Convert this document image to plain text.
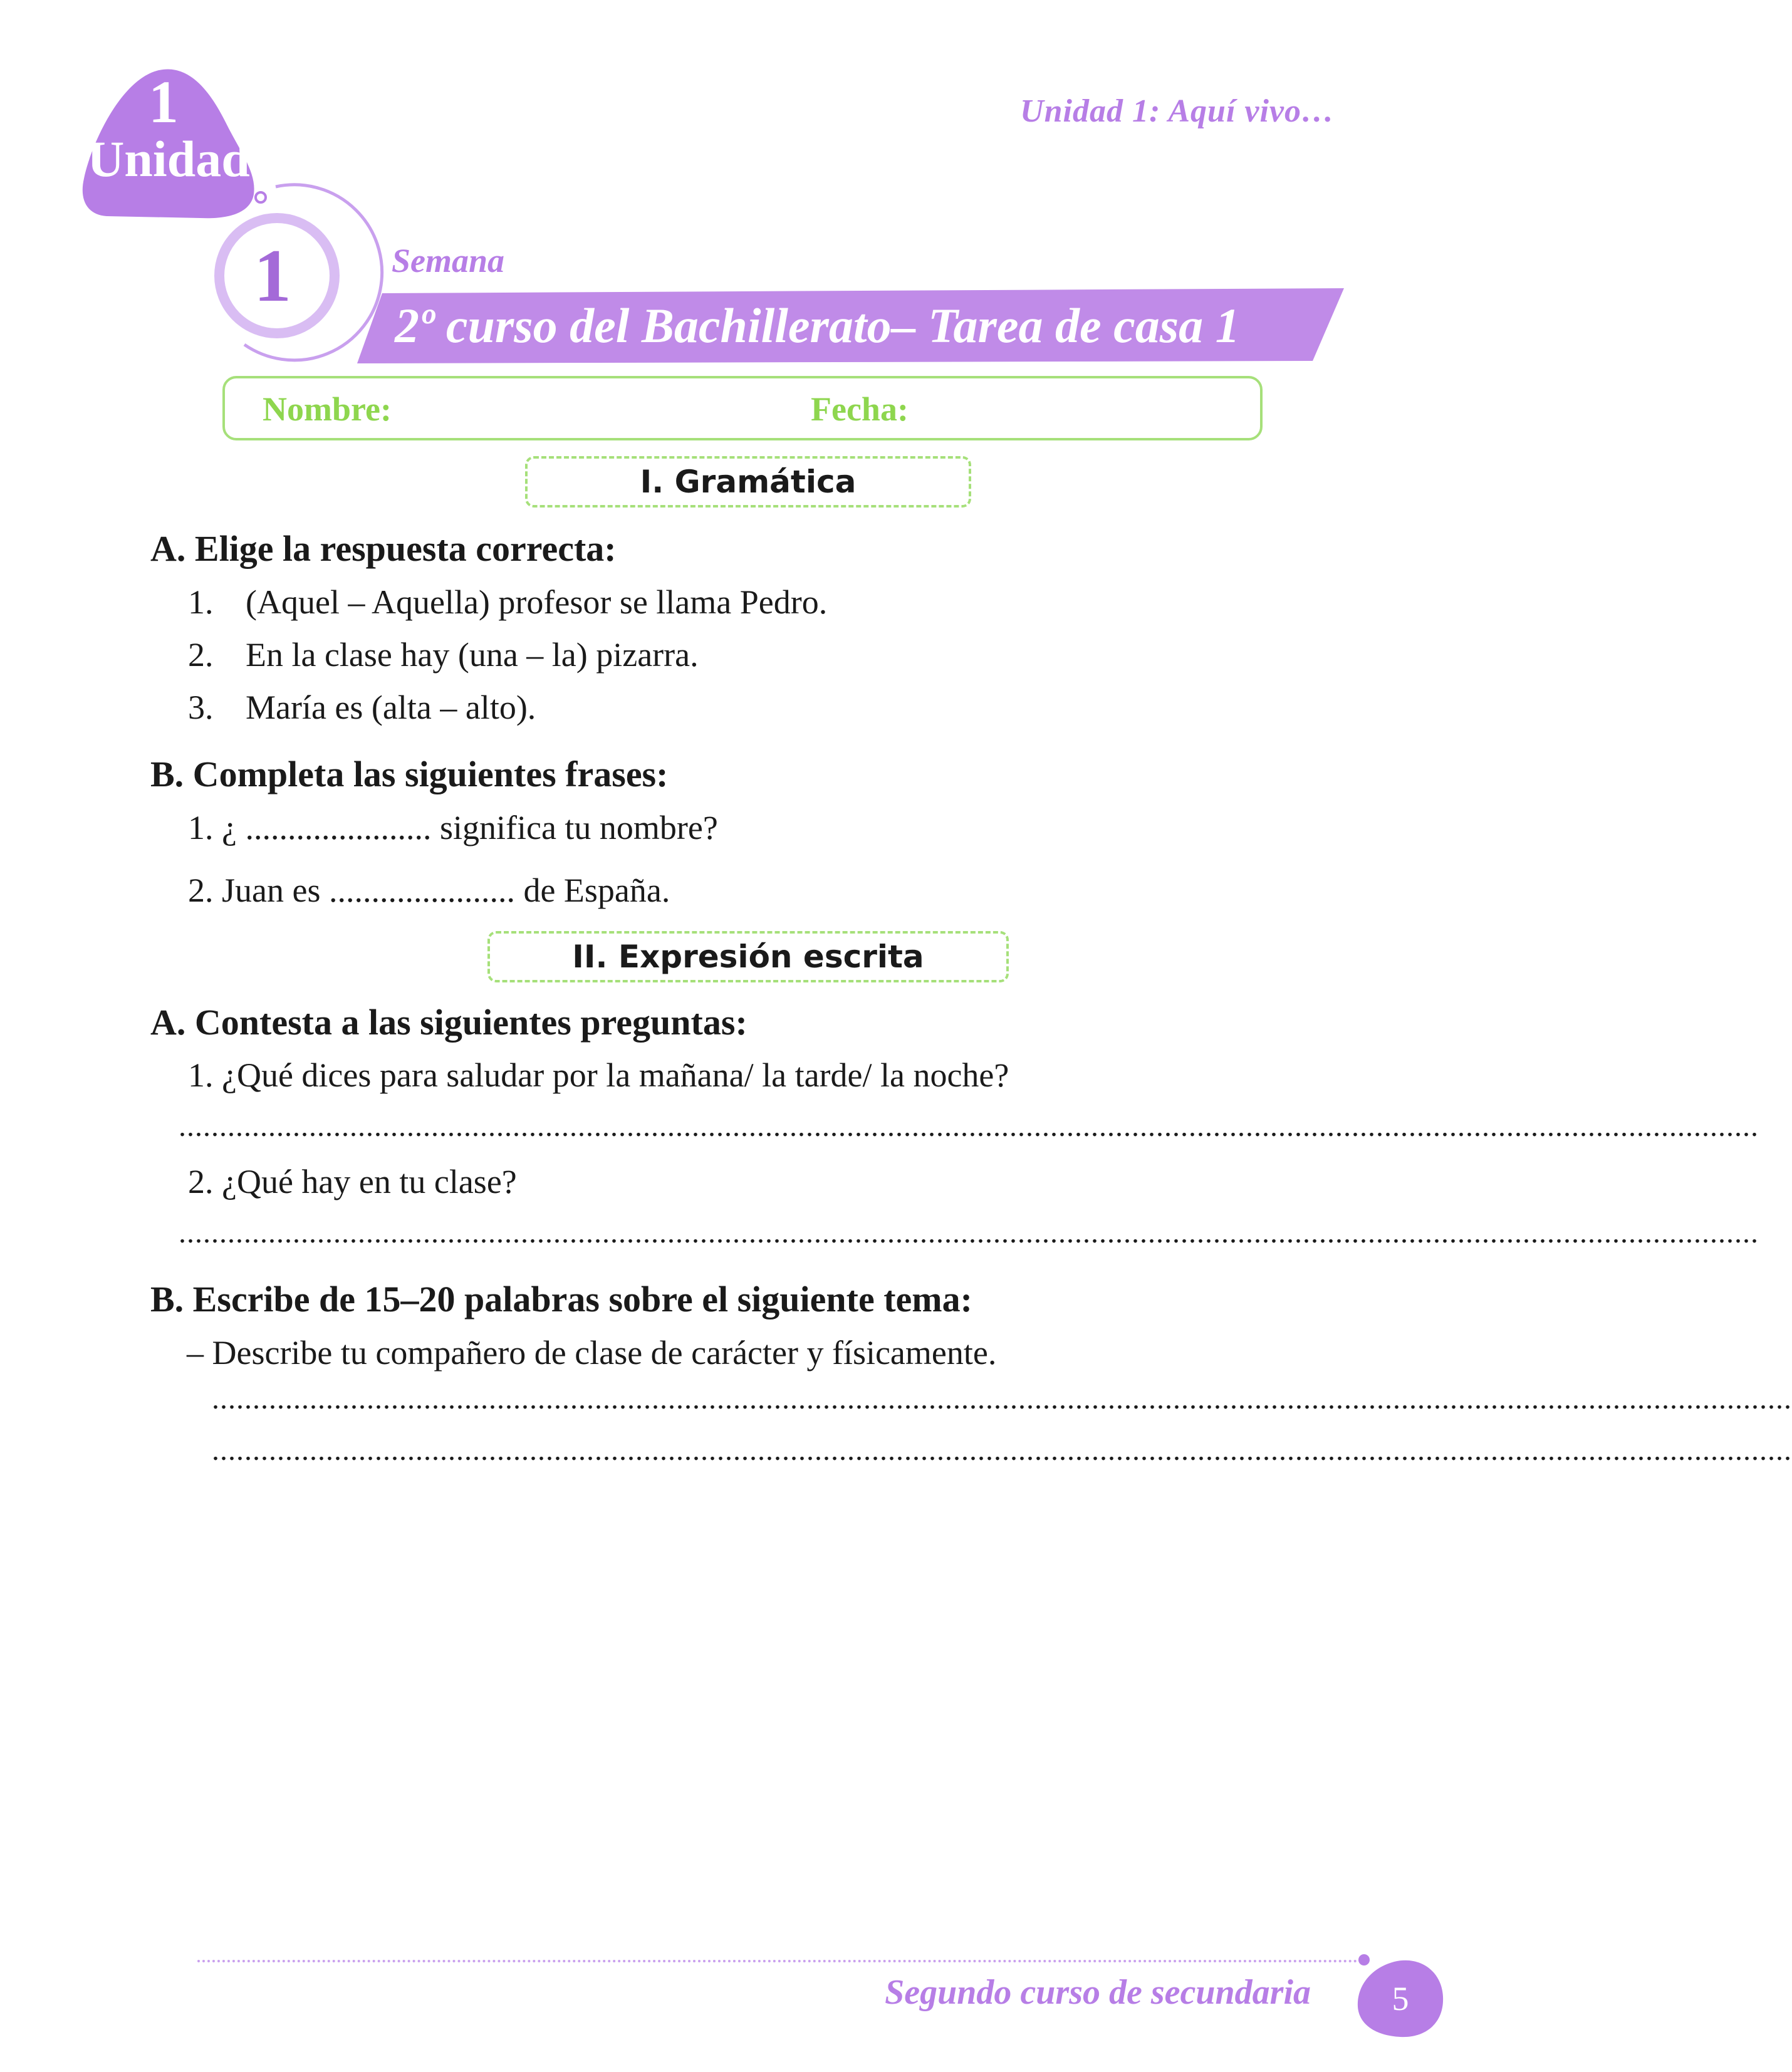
1
Unidad
Unidad 1: Aquí vivo…
1	Semana
2º curso del Bachillerato– Tarea de casa 1
Nombre:	Fecha:
I. Gramática
A. Elige la respuesta correcta:
1. (Aquel – Aquella) profesor se llama Pedro.
2. En la clase hay (una – la) pizarra.
3. María es (alta – alto).
B. Completa las siguientes frases:
1. ¿ ...................... significa tu nombre?
2. Juan es ...................... de España.
II. Expresión escrita
A. Contesta a las siguientes preguntas:
1. ¿Qué dices para saludar por la mañana/ la tarde/ la noche?
..................................................................................................................................................................................................
2. ¿Qué hay en tu clase?
..................................................................................................................................................................................................
B. Escribe de 15–20 palabras sobre el siguiente tema:
– Describe tu compañero de clase de carácter y físicamente.
..................................................................................................................................................................................................
..................................................................................................................................................................................................
Segundo curso de secundaria	5
